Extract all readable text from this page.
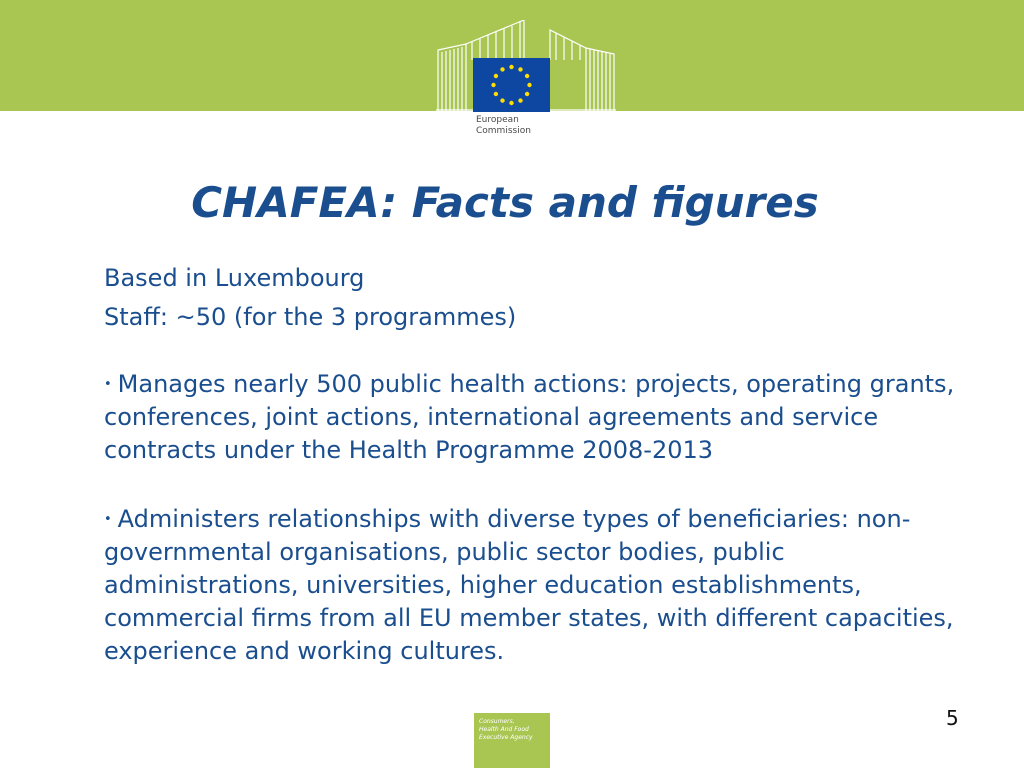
European
Commission
CHAFEA: Facts and figures

Based in Luxembourg

Staff: ~50 (for the 3 programmes)

• Manages nearly 500 public health actions: projects, operating grants, conferences, joint actions, international agreements and service contracts under the Health Programme 2008-2013

• Administers relationships with diverse types of beneficiaries: non-governmental organisations, public sector bodies, public administrations, universities, higher education establishments, commercial firms from all EU member states, with different capacities, experience and working cultures.

Consumers,
Health And Food
Executive Agency
5
